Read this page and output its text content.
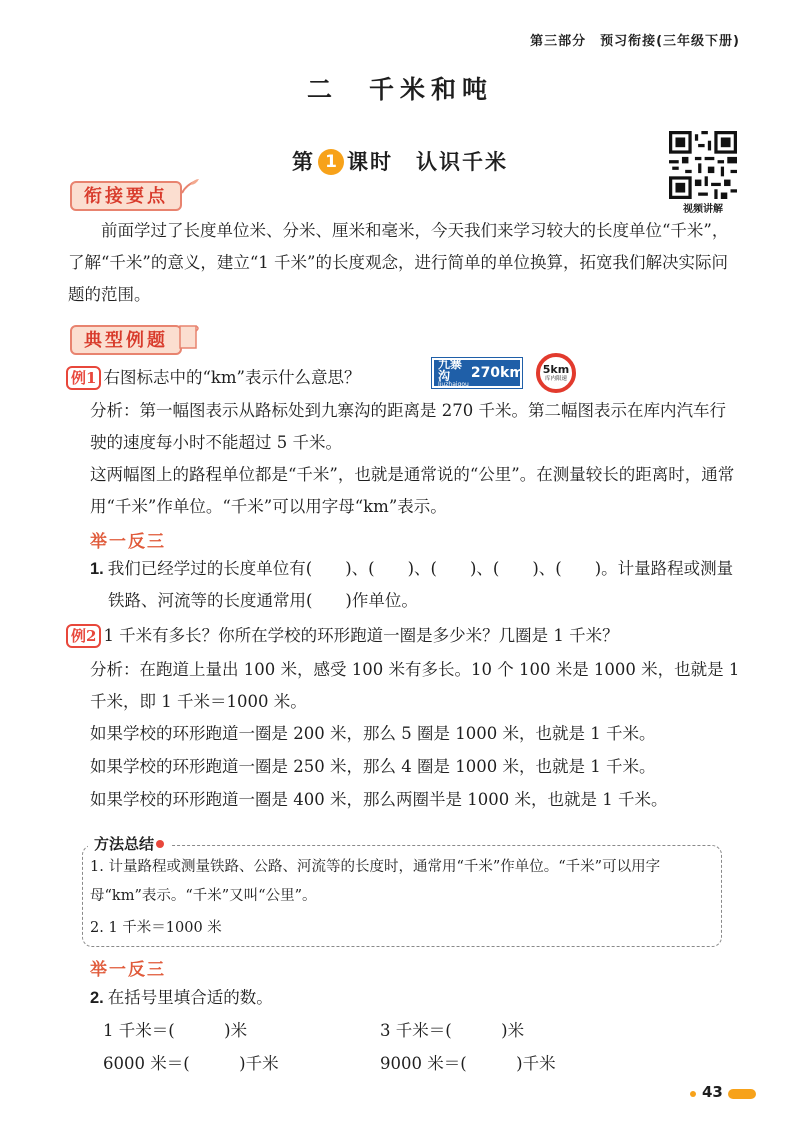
第三部分　预习衔接(三年级下册)
二　千米和吨
第 1 课时　认识千米
视频讲解
衔接要点
前面学过了长度单位米、分米、厘米和毫米，今天我们来学习较大的长度单位“千米”，了解“千米”的意义，建立“1 千米”的长度观念，进行简单的单位换算，拓宽我们解决实际问题的范围。
典型例题
例1 右图标志中的“km”表示什么意思？
九寨沟
Jiuzhaigou
270km 5km
库内限速
分析：第一幅图表示从路标处到九寨沟的距离是 270 千米。第二幅图表示在库内汽车行驶的速度每小时不能超过 5 千米。
这两幅图上的路程单位都是“千米”，也就是通常说的“公里”。在测量较长的距离时，通常用“千米”作单位。“千米”可以用字母“km”表示。
举一反三
1. 我们已经学过的长度单位有(　　)、(　　)、(　　)、(　　)、(　　)。计量路程或测量铁路、河流等的长度通常用(　　)作单位。
例2 1 千米有多长？你所在学校的环形跑道一圈是多少米？几圈是 1 千米？
分析：在跑道上量出 100 米，感受 100 米有多长。10 个 100 米是 1000 米，也就是 1 千米，即 1 千米＝1000 米。
如果学校的环形跑道一圈是 200 米，那么 5 圈是 1000 米，也就是 1 千米。
如果学校的环形跑道一圈是 250 米，那么 4 圈是 1000 米，也就是 1 千米。
如果学校的环形跑道一圈是 400 米，那么两圈半是 1000 米，也就是 1 千米。
方法总结
1. 计量路程或测量铁路、公路、河流等的长度时，通常用“千米”作单位。“千米”可以用字母“km”表示。“千米”又叫“公里”。
2. 1 千米＝1000 米
举一反三
2. 在括号里填合适的数。
1 千米＝(　　　)米	3 千米＝(　　　)米
6000 米＝(　　　)千米	9000 米＝(　　　)千米
43
